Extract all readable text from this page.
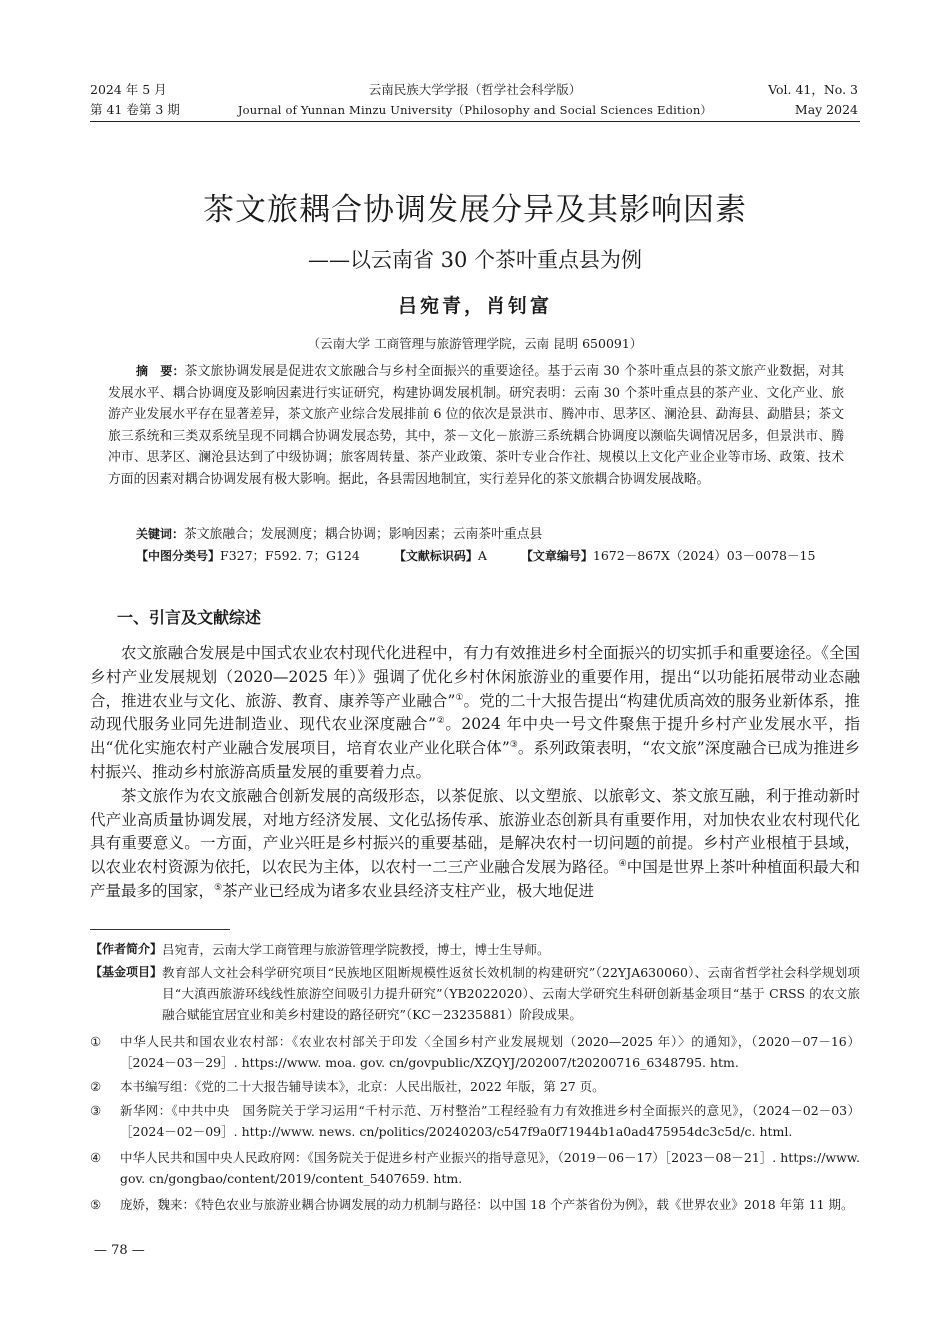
2024 年 5 月
第 41 卷第 3 期
云南民族大学学报（哲学社会科学版）
Journal of Yunnan Minzu University（Philosophy and Social Sciences Edition）
Vol. 41，No. 3
May 2024
茶文旅耦合协调发展分异及其影响因素
——以云南省 30 个茶叶重点县为例
吕宛青，肖钊富
（云南大学 工商管理与旅游管理学院，云南 昆明 650091）
摘　要：茶文旅协调发展是促进农文旅融合与乡村全面振兴的重要途径。基于云南 30 个茶叶重点县的茶文旅产业数据，对其发展水平、耦合协调度及影响因素进行实证研究，构建协调发展机制。研究表明：云南 30 个茶叶重点县的茶产业、文化产业、旅游产业发展水平存在显著差异，茶文旅产业综合发展排前 6 位的依次是景洪市、腾冲市、思茅区、澜沧县、勐海县、勐腊县；茶文旅三系统和三类双系统呈现不同耦合协调发展态势，其中，茶－文化－旅游三系统耦合协调度以濒临失调情况居多，但景洪市、腾冲市、思茅区、澜沧县达到了中级协调；旅客周转量、茶产业政策、茶叶专业合作社、规模以上文化产业企业等市场、政策、技术方面的因素对耦合协调发展有极大影响。据此，各县需因地制宜，实行差异化的茶文旅耦合协调发展战略。
关键词：茶文旅融合；发展测度；耦合协调；影响因素；云南茶叶重点县
【中图分类号】F327；F592. 7；G124	【文献标识码】A	【文章编号】1672－867X（2024）03－0078－15
一、引言及文献综述

农文旅融合发展是中国式农业农村现代化进程中，有力有效推进乡村全面振兴的切实抓手和重要途径。《全国乡村产业发展规划（2020—2025 年）》强调了优化乡村休闲旅游业的重要作用，提出“以功能拓展带动业态融合，推进农业与文化、旅游、教育、康养等产业融合”①。党的二十大报告提出“构建优质高效的服务业新体系，推动现代服务业同先进制造业、现代农业深度融合”②。2024 年中央一号文件聚焦于提升乡村产业发展水平，指出“优化实施农村产业融合发展项目，培育农业产业化联合体”③。系列政策表明，“农文旅”深度融合已成为推进乡村振兴、推动乡村旅游高质量发展的重要着力点。

茶文旅作为农文旅融合创新发展的高级形态，以茶促旅、以文塑旅、以旅彰文、茶文旅互融，利于推动新时代产业高质量协调发展，对地方经济发展、文化弘扬传承、旅游业态创新具有重要作用，对加快农业农村现代化具有重要意义。一方面，产业兴旺是乡村振兴的重要基础，是解决农村一切问题的前提。乡村产业根植于县域，以农业农村资源为依托，以农民为主体，以农村一二三产业融合发展为路径。④中国是世界上茶叶种植面积最大和产量最多的国家，⑤茶产业已经成为诸多农业县经济支柱产业，极大地促进

【作者简介】 吕宛青，云南大学工商管理与旅游管理学院教授，博士，博士生导师。
【基金项目】 教育部人文社会科学研究项目“民族地区阻断规模性返贫长效机制的构建研究”（22YJA630060）、云南省哲学社会科学规划项目“大滇西旅游环线线性旅游空间吸引力提升研究”（YB2022020）、云南大学研究生科研创新基金项目“基于 CRSS 的农文旅融合赋能宜居宜业和美乡村建设的路径研究”（KC－23235881）阶段成果。
①	中华人民共和国农业农村部：《农业农村部关于印发〈全国乡村产业发展规划（2020—2025 年）〉的通知》，（2020－07－16）［2024－03－29］. https://www. moa. gov. cn/govpublic/XZQYJ/202007/t20200716_6348795. htm.
②	本书编写组：《党的二十大报告辅导读本》，北京：人民出版社，2022 年版，第 27 页。
③	新华网：《中共中央　国务院关于学习运用“千村示范、万村整治”工程经验有力有效推进乡村全面振兴的意见》，（2024－02－03）［2024－02－09］. http://www. news. cn/politics/20240203/c547f9a0f71944b1a0ad475954dc3c5d/c. html.
④	中华人民共和国中央人民政府网：《国务院关于促进乡村产业振兴的指导意见》，（2019－06－17）［2023－08－21］. https://www. gov. cn/gongbao/content/2019/content_5407659. htm.
⑤	庞娇，魏来：《特色农业与旅游业耦合协调发展的动力机制与路径：以中国 18 个产茶省份为例》，载《世界农业》2018 年第 11 期。
— 78 —
